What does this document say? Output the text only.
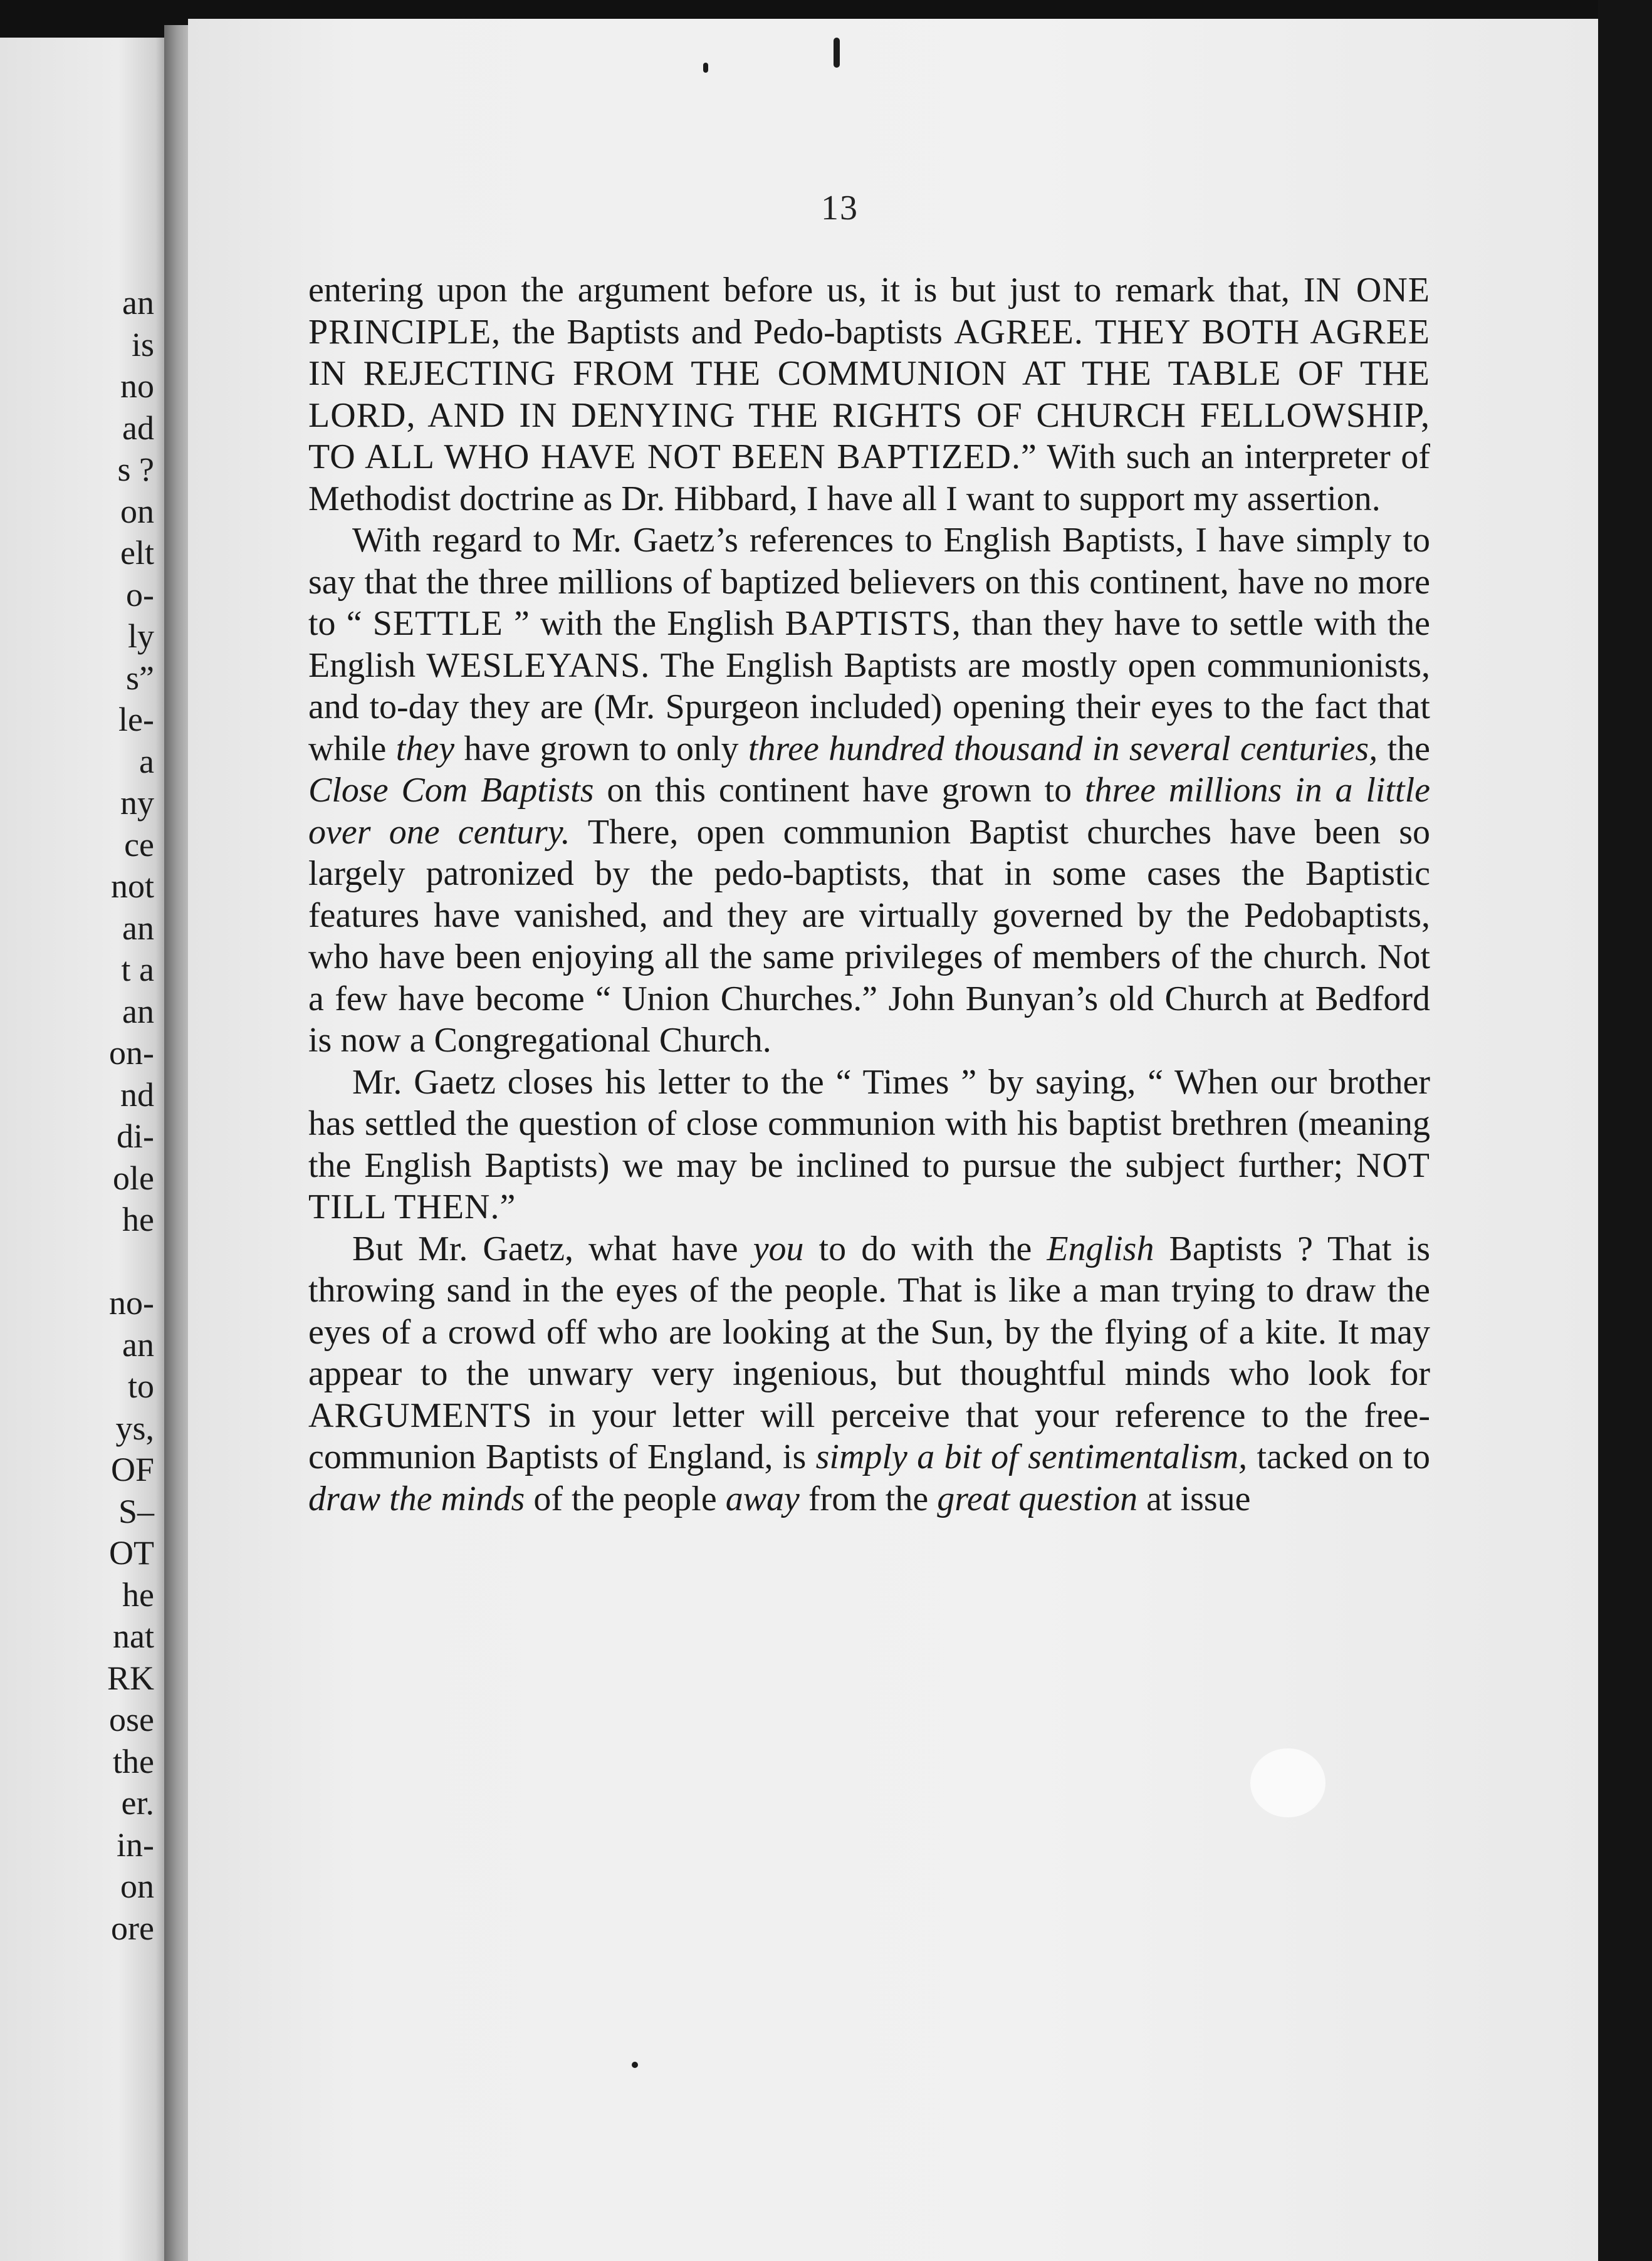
an
is
no
ad
s ?
on
elt
o-
ly
s”
le-
a
ny
ce
not
an
t a
an
on-
nd
di-
ole
he
no-
an
to
ys,
OF
S–
OT
he
nat
RK
ose
the
er.
in-
on
ore
13

entering upon the argument before us, it is but just to remark that, IN ONE PRINCIPLE, the Baptists and Pedo-baptists AGREE. THEY BOTH AGREE IN REJECTING FROM THE COMMUNION AT THE TABLE OF THE LORD, AND IN DENYING THE RIGHTS OF CHURCH FELLOWSHIP, TO ALL WHO HAVE NOT BEEN BAPTIZED.” With such an interpreter of Methodist doctrine as Dr. Hibbard, I have all I want to support my assertion.

With regard to Mr. Gaetz’s references to English Baptists, I have simply to say that the three millions of baptized believers on this continent, have no more to “ SETTLE ” with the English BAPTISTS, than they have to settle with the English WESLEYANS. The English Baptists are mostly open communionists, and to-day they are (Mr. Spurgeon included) opening their eyes to the fact that while they have grown to only three hundred thousand in several centuries, the Close Com Baptists on this continent have grown to three millions in a little over one century. There, open communion Baptist churches have been so largely patronized by the pedo-baptists, that in some cases the Baptistic features have vanished, and they are virtually governed by the Pedobaptists, who have been enjoying all the same privileges of members of the church. Not a few have become “ Union Churches.” John Bunyan’s old Church at Bedford is now a Congregational Church.

Mr. Gaetz closes his letter to the “ Times ” by saying, “ When our brother has settled the question of close communion with his baptist brethren (meaning the English Baptists) we may be inclined to pursue the subject further; NOT TILL THEN.”

But Mr. Gaetz, what have you to do with the English Baptists ? That is throwing sand in the eyes of the people. That is like a man trying to draw the eyes of a crowd off who are looking at the Sun, by the flying of a kite. It may appear to the unwary very ingenious, but thoughtful minds who look for ARGUMENTS in your letter will perceive that your reference to the free-communion Baptists of England, is simply a bit of sentimentalism, tacked on to draw the minds of the people away from the great question at issue
